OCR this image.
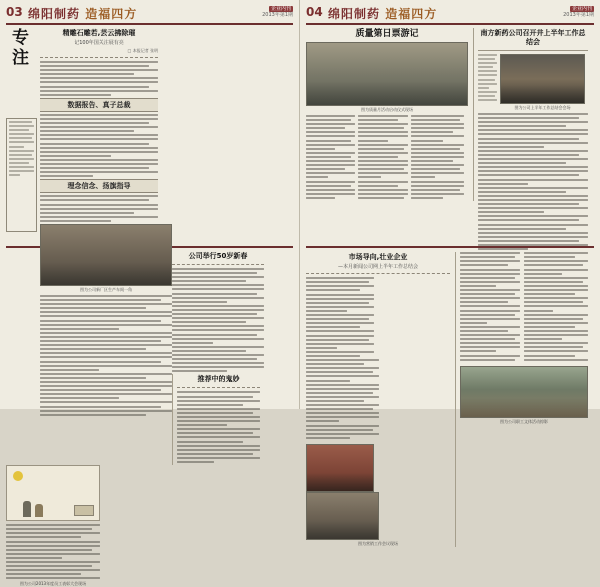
03 绵阳制药 造福四方	企业内刊
2013年第1期
专注	精雕石雕若,芸云拂除璀
记100年国关注展有亮
□ 本报记者 张明
数据报告、真子总裁
理念信念、扬旗指导
图为公司新厂区生产车间一角
公司举行50岁新春
推荐中的鬼妙
图为公司2013年度员工表彰大会现场
04 绵阳制药 造福四方	企业内刊
2013年第1期
质量第日票游记
图为质量月活动启动仪式现场
南方新药公司召开井上半年工作总结会
图为公司上半年工作总结会会场
市场导向,壮业企业
—本月新闻公司网上半年工作总结会
图为营销工作会议现场
图为公司职工文体活动掠影
